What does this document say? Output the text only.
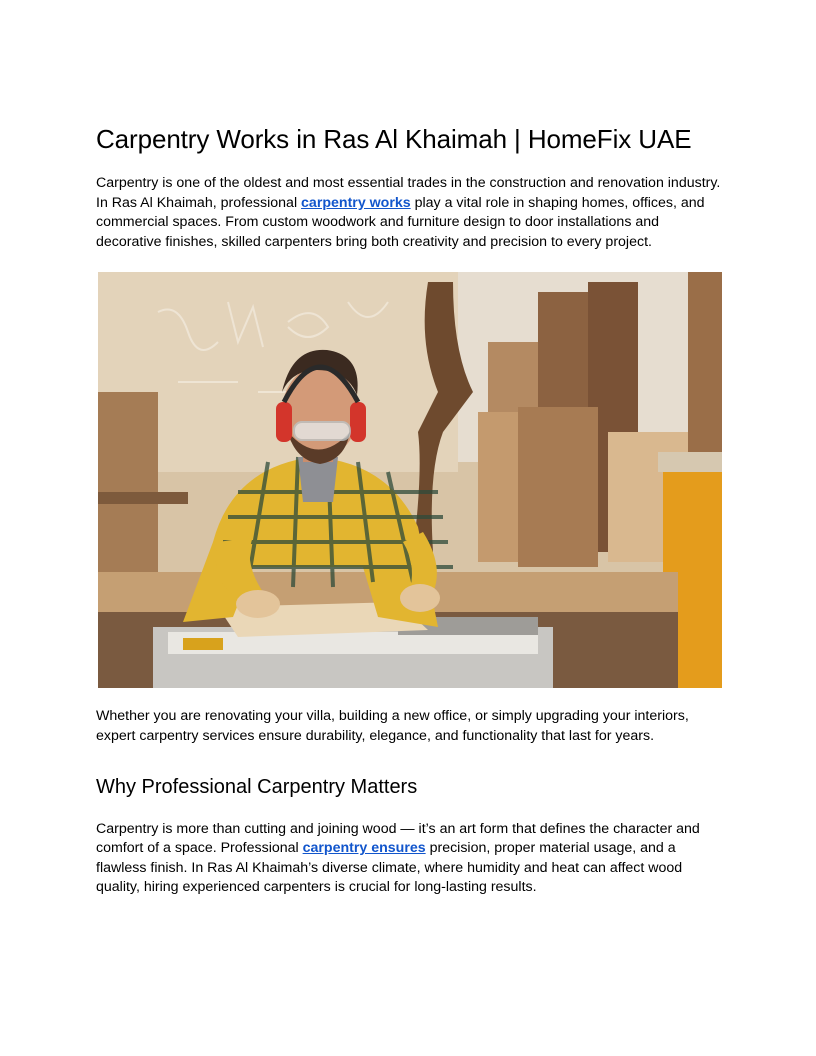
Carpentry Works in Ras Al Khaimah | HomeFix UAE

Carpentry is one of the oldest and most essential trades in the construction and renovation industry. In Ras Al Khaimah, professional carpentry works play a vital role in shaping homes, offices, and commercial spaces. From custom woodwork and furniture design to door installations and decorative finishes, skilled carpenters bring both creativity and precision to every project.

Whether you are renovating your villa, building a new office, or simply upgrading your interiors, expert carpentry services ensure durability, elegance, and functionality that last for years.

Why Professional Carpentry Matters

Carpentry is more than cutting and joining wood — it’s an art form that defines the character and comfort of a space. Professional carpentry ensures precision, proper material usage, and a flawless finish. In Ras Al Khaimah’s diverse climate, where humidity and heat can affect wood quality, hiring experienced carpenters is crucial for long-lasting results.
